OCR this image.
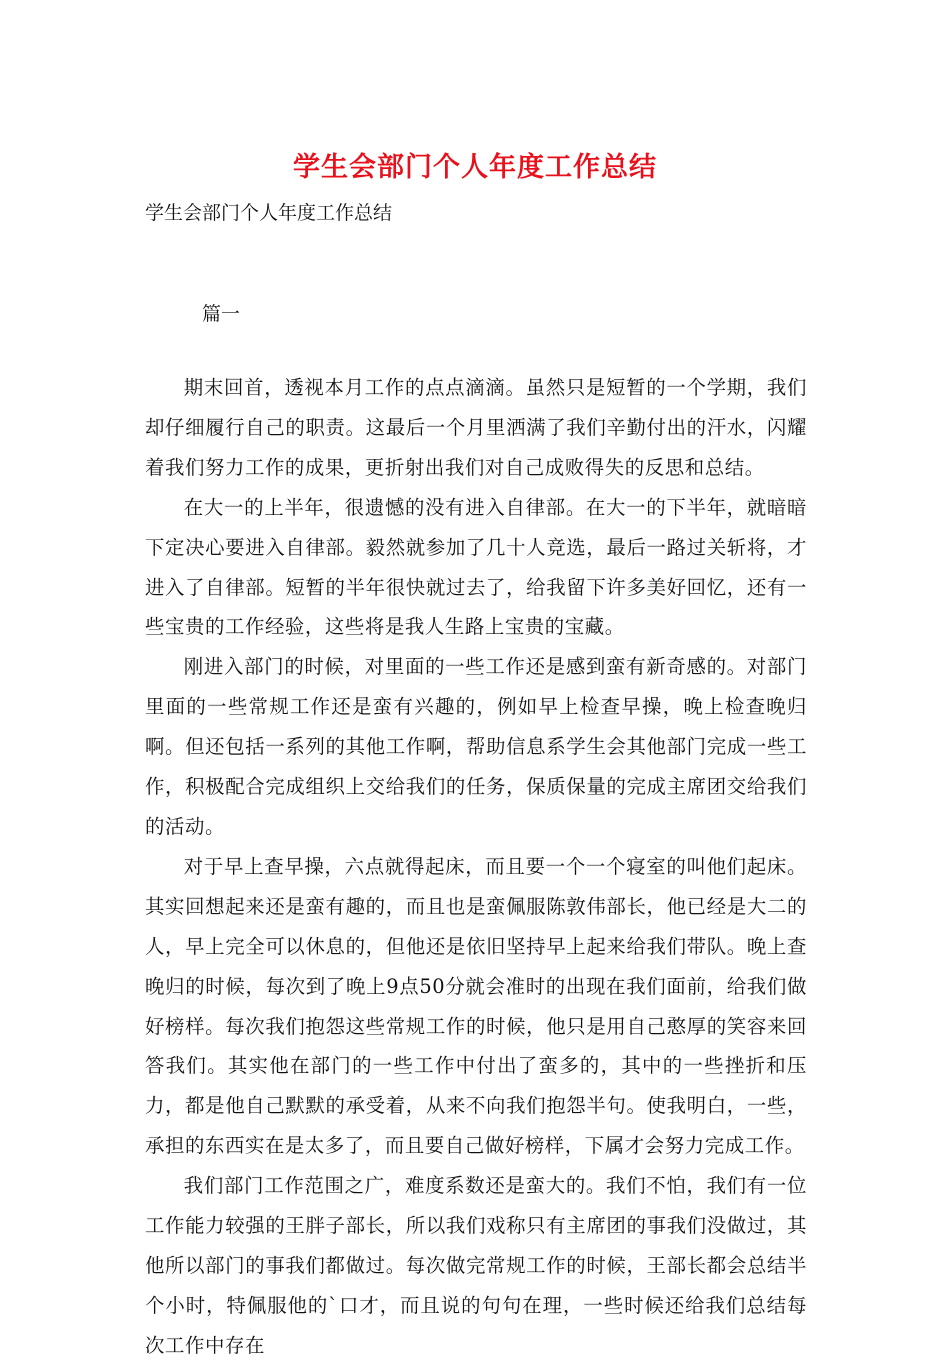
学生会部门个人年度工作总结

学生会部门个人年度工作总结

篇一

期末回首，透视本月工作的点点滴滴。虽然只是短暂的一个学期，我们却仔细履行自己的职责。这最后一个月里洒满了我们辛勤付出的汗水，闪耀着我们努力工作的成果，更折射出我们对自己成败得失的反思和总结。

在大一的上半年，很遗憾的没有进入自律部。在大一的下半年，就暗暗下定决心要进入自律部。毅然就参加了几十人竞选，最后一路过关斩将，才进入了自律部。短暂的半年很快就过去了，给我留下许多美好回忆，还有一些宝贵的工作经验，这些将是我人生路上宝贵的宝藏。

刚进入部门的时候，对里面的一些工作还是感到蛮有新奇感的。对部门里面的一些常规工作还是蛮有兴趣的，例如早上检查早操，晚上检查晚归啊。但还包括一系列的其他工作啊，帮助信息系学生会其他部门完成一些工作，积极配合完成组织上交给我们的任务，保质保量的完成主席团交给我们的活动。

对于早上查早操，六点就得起床，而且要一个一个寝室的叫他们起床。其实回想起来还是蛮有趣的，而且也是蛮佩服陈敦伟部长，他已经是大二的人，早上完全可以休息的，但他还是依旧坚持早上起来给我们带队。晚上查晚归的时候，每次到了晚上9点50分就会准时的出现在我们面前，给我们做好榜样。每次我们抱怨这些常规工作的时候，他只是用自己憨厚的笑容来回答我们。其实他在部门的一些工作中付出了蛮多的，其中的一些挫折和压力，都是他自己默默的承受着，从来不向我们抱怨半句。使我明白，一些，承担的东西实在是太多了，而且要自己做好榜样，下属才会努力完成工作。

我们部门工作范围之广，难度系数还是蛮大的。我们不怕，我们有一位工作能力较强的王胖子部长，所以我们戏称只有主席团的事我们没做过，其他所以部门的事我们都做过。每次做完常规工作的时候，王部长都会总结半个小时，特佩服他的`口才，而且说的句句在理，一些时候还给我们总结每次工作中存在
